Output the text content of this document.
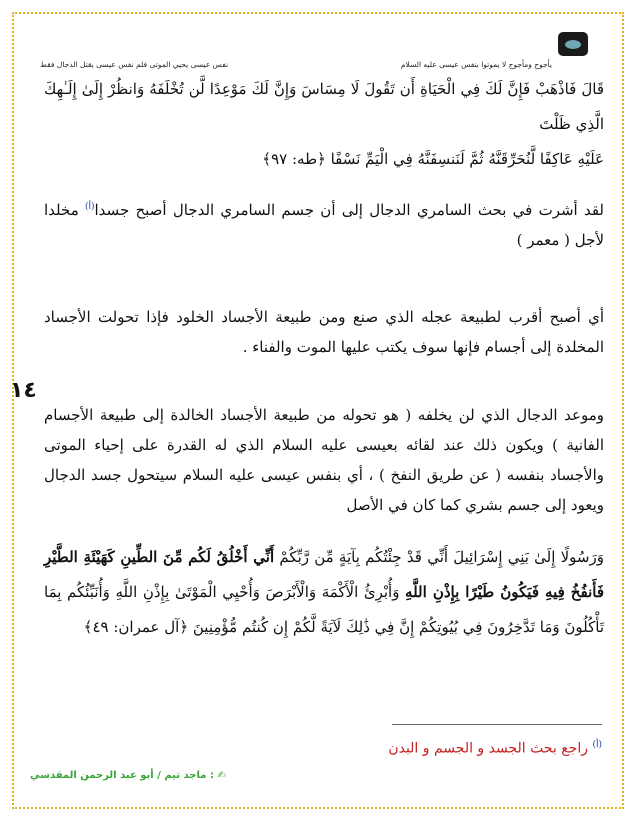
يأجوج ومأجوج لا يموتوا بنفس عيسى عليه السلام
نفس عيسى يحيي الموتى فلم نفس عيسى يقتل الدجال فقط
قَالَ فَاذْهَبْ فَإِنَّ لَكَ فِي الْحَيَاةِ أَن تَقُولَ لَا مِسَاسَ وَإِنَّ لَكَ مَوْعِدًا لَّن تُخْلَفَهُ وَانظُرْ إِلَىٰ إِلَـٰهِكَ الَّذِي ظَلْتَ
عَلَيْهِ عَاكِفًا لَّنُحَرِّقَنَّهُ ثُمَّ لَنَنسِفَنَّهُ فِي الْيَمِّ نَسْفًا ﴿طه: ٩٧﴾
لقد أشرت في بحث السامري الدجال إلى أن جسم السامري الدجال أصبح جسدا$^{(أ)}$ مخلدا لأجل ( معمر )
أي أصبح أقرب لطبيعة عجله الذي صنع ومن طبيعة الأجساد الخلود فإذا تحولت الأجساد المخلدة إلى أجسام فإنها سوف يكتب عليها الموت والفناء .
١٤
وموعد الدجال الذي لن يخلفه ( هو تحوله من طبيعة الأجساد الخالدة إلى طبيعة الأجسام الفانية ) ويكون ذلك عند لقائه بعيسى عليه السلام الذي له القدرة على إحياء الموتى والأجساد بنفسه ( عن طريق النفخ ) ، أي بنفس عيسى عليه السلام سيتحول جسد الدجال ويعود إلى جسم بشري كما كان في الأصل
وَرَسُولًا إِلَىٰ بَنِي إِسْرَائِيلَ أَنِّي قَدْ جِئْتُكُم بِآيَةٍ مِّن رَّبِّكُمْ أَنِّي أَخْلُقُ لَكُم مِّنَ الطِّينِ كَهَيْئَةِ الطَّيْرِ فَأَنفُخُ فِيهِ فَيَكُونُ طَيْرًا بِإِذْنِ اللَّهِ وَأُبْرِئُ الْأَكْمَهَ وَالْأَبْرَصَ وَأُحْيِي الْمَوْتَىٰ بِإِذْنِ اللَّهِ وَأُنَبِّئُكُم بِمَا تَأْكُلُونَ وَمَا تَدَّخِرُونَ فِي بُيُوتِكُمْ إِنَّ فِي ذَٰلِكَ لَآيَةً لَّكُمْ إِن كُنتُم مُّؤْمِنِينَ ﴿آل عمران: ٤٩﴾
$^{(أ)}$ راجع بحث الجسد و الجسم و البدن
✍ : ماجد تيم / أبو عبد الرحمن المقدسي
